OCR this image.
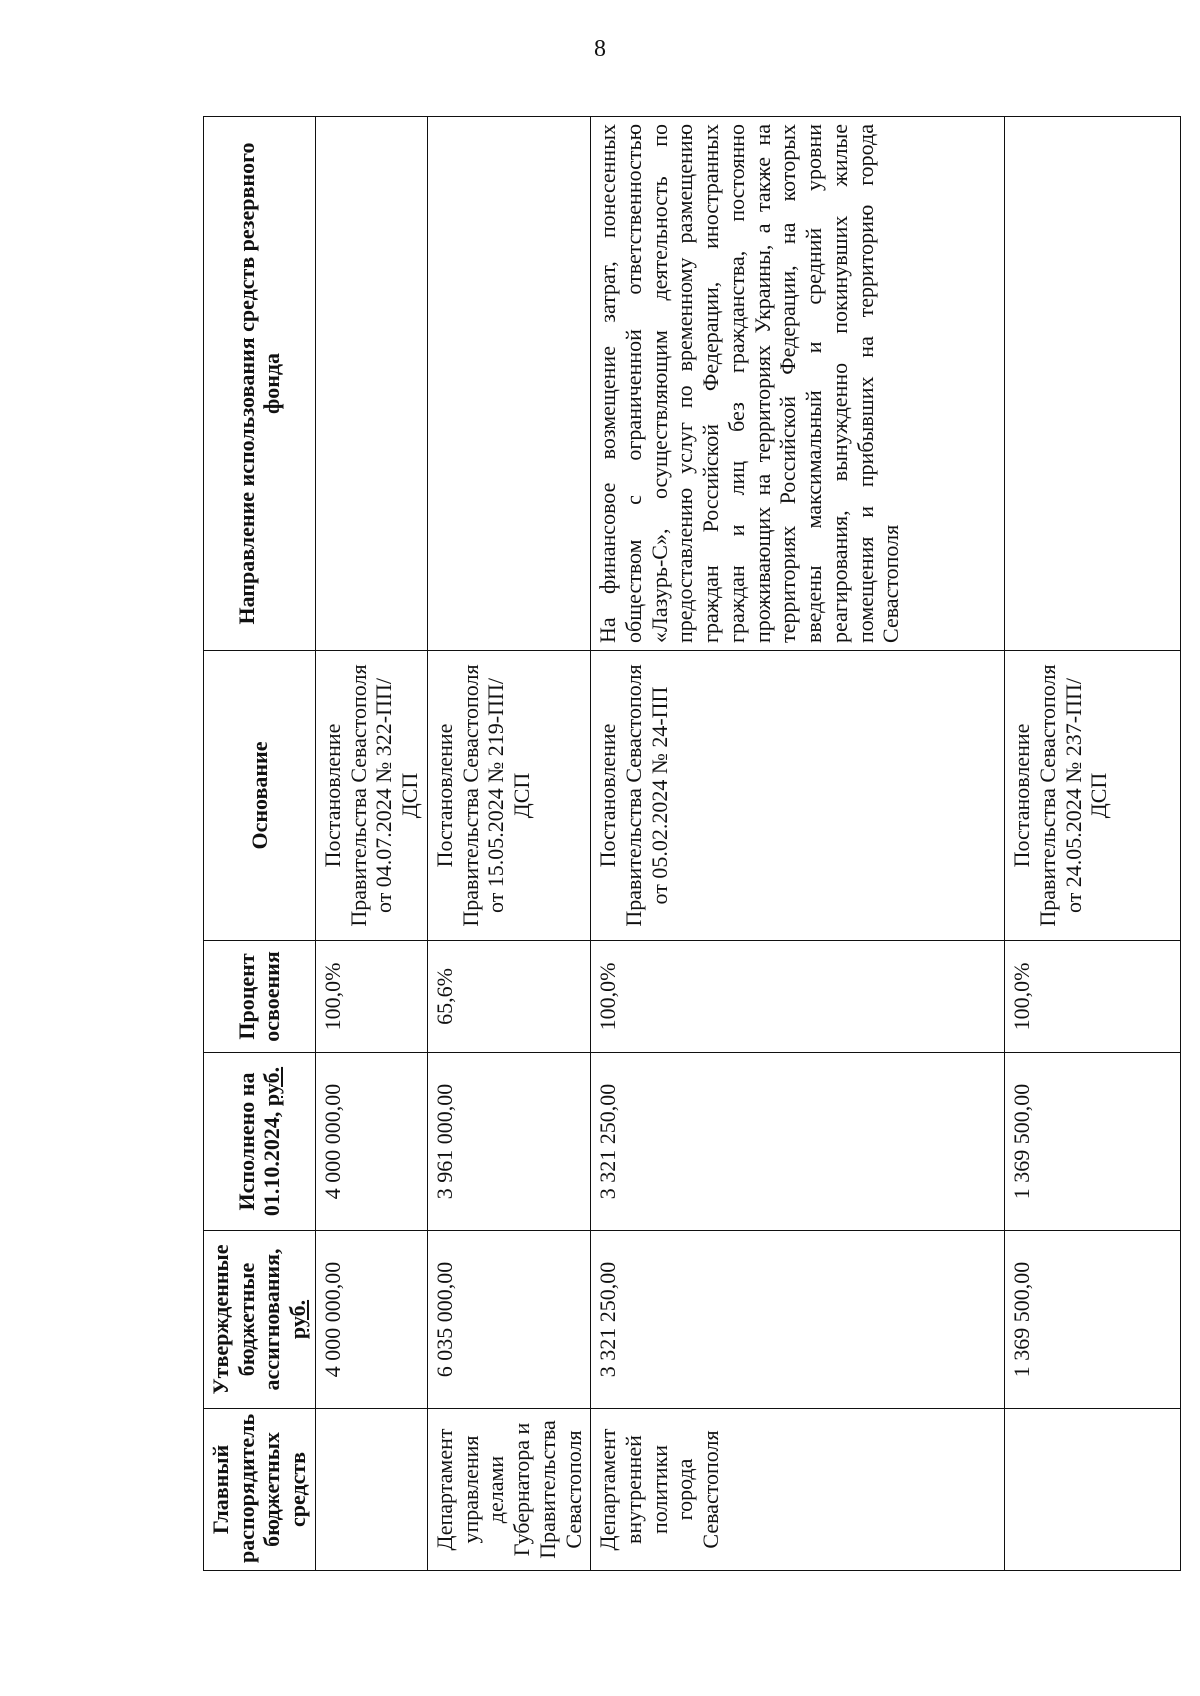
8
Главный распорядитель бюджетных средств	Утвержденные бюджетные ассигнования, руб.	Исполнено на 01.10.2024, руб.	Процент освоения	Основание	Направление использования средств резервного фонда
	4 000 000,00	4 000 000,00	100,0%	Постановление Правительства Севастополя от 04.07.2024 № 322-ПП/ДСП	
Департамент управления делами Губернатора и Правительства Севастополя	6 035 000,00	3 961 000,00	65,6%	Постановление Правительства Севастополя от 15.05.2024 № 219-ПП/ДСП	
Департамент внутренней политики города Севастополя	3 321 250,00	3 321 250,00	100,0%	Постановление Правительства Севастополя от 05.02.2024 № 24-ПП	На финансовое возмещение затрат, понесенных обществом с ограниченной ответственностью «Лазурь-С», осуществляющим деятельность по предоставлению услуг по временному размещению граждан Российской Федерации, иностранных граждан и лиц без гражданства, постоянно проживающих на территориях Украины, а также на территориях Российской Федерации, на которых введены максимальный и средний уровни реагирования, вынужденно покинувших жилые помещения и прибывших на территорию города Севастополя
	1 369 500,00	1 369 500,00	100,0%	Постановление Правительства Севастополя от 24.05.2024 № 237-ПП/ДСП	
